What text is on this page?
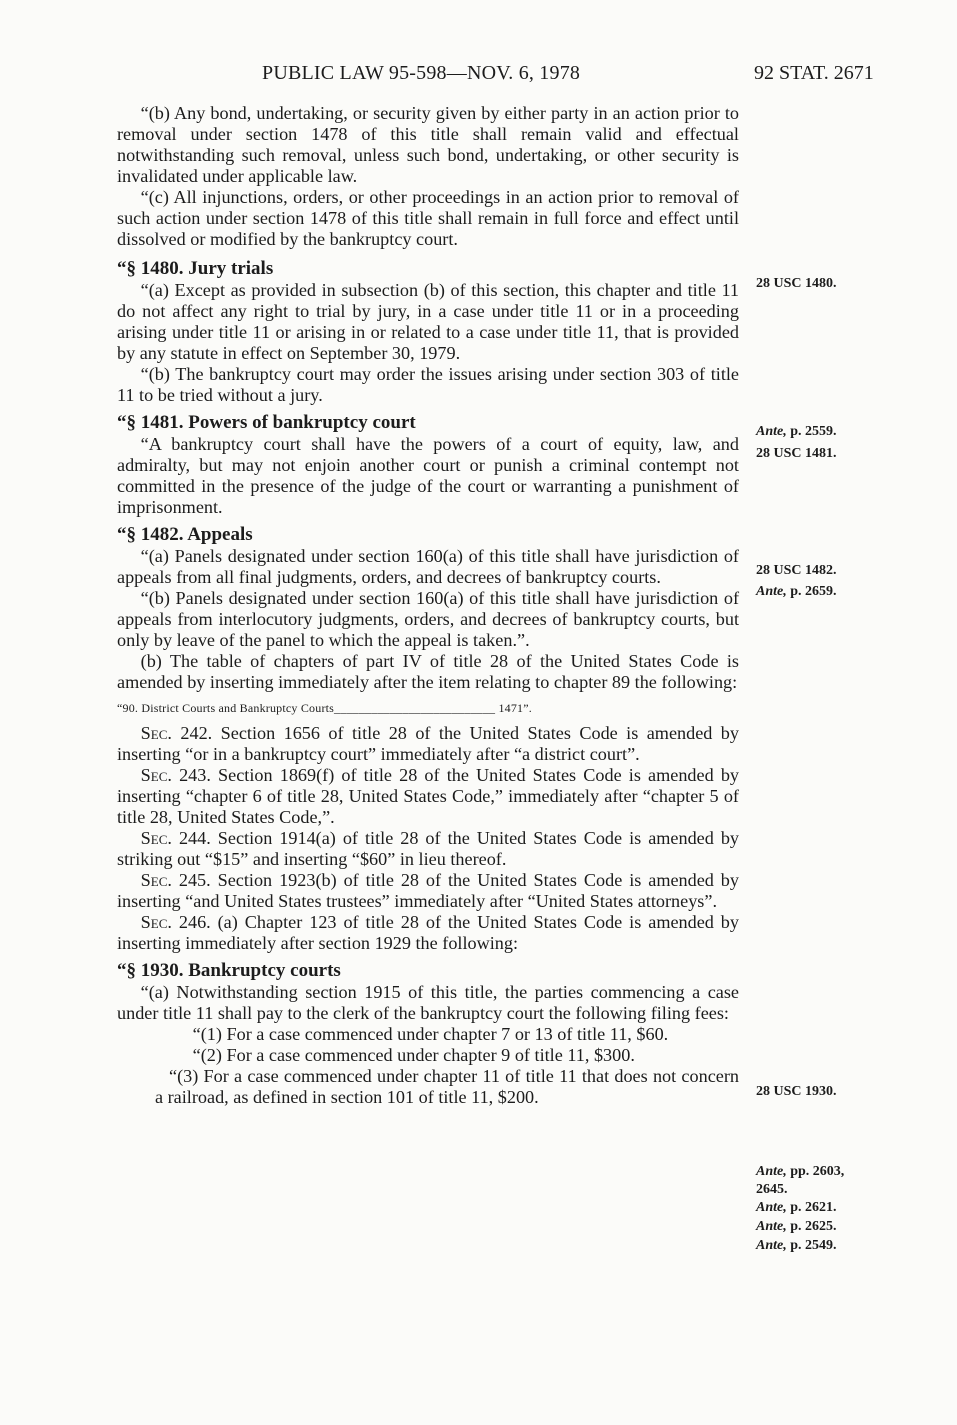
PUBLIC LAW 95-598—NOV. 6, 1978	92 STAT. 2671

“(b) Any bond, undertaking, or security given by either party in an action prior to removal under section 1478 of this title shall remain valid and effectual notwithstanding such removal, unless such bond, undertaking, or other security is invalidated under applicable law.

“(c) All injunctions, orders, or other proceedings in an action prior to removal of such action under section 1478 of this title shall remain in full force and effect until dissolved or modified by the bankruptcy court.

“§ 1480. Jury trials

“(a) Except as provided in subsection (b) of this section, this chapter and title 11 do not affect any right to trial by jury, in a case under title 11 or in a proceeding arising under title 11 or arising in or related to a case under title 11, that is provided by any statute in effect on September 30, 1979.

“(b) The bankruptcy court may order the issues arising under section 303 of title 11 to be tried without a jury.

“§ 1481. Powers of bankruptcy court

“A bankruptcy court shall have the powers of a court of equity, law, and admiralty, but may not enjoin another court or punish a criminal contempt not committed in the presence of the judge of the court or warranting a punishment of imprisonment.

“§ 1482. Appeals

“(a) Panels designated under section 160(a) of this title shall have jurisdiction of appeals from all final judgments, orders, and decrees of bankruptcy courts.

“(b) Panels designated under section 160(a) of this title shall have jurisdiction of appeals from interlocutory judgments, orders, and decrees of bankruptcy courts, but only by leave of the panel to which the appeal is taken.”.

(b) The table of chapters of part IV of title 28 of the United States Code is amended by inserting immediately after the item relating to chapter 89 the following:

“90. District Courts and Bankruptcy Courts__________________________ 1471”.

Sec. 242. Section 1656 of title 28 of the United States Code is amended by inserting “or in a bankruptcy court” immediately after “a district court”.

Sec. 243. Section 1869(f) of title 28 of the United States Code is amended by inserting “chapter 6 of title 28, United States Code,” immediately after “chapter 5 of title 28, United States Code,”.

Sec. 244. Section 1914(a) of title 28 of the United States Code is amended by striking out “$15” and inserting “$60” in lieu thereof.

Sec. 245. Section 1923(b) of title 28 of the United States Code is amended by inserting “and United States trustees” immediately after “United States attorneys”.

Sec. 246. (a) Chapter 123 of title 28 of the United States Code is amended by inserting immediately after section 1929 the following:

“§ 1930. Bankruptcy courts

“(a) Notwithstanding section 1915 of this title, the parties commencing a case under title 11 shall pay to the clerk of the bankruptcy court the following filing fees:

“(1) For a case commenced under chapter 7 or 13 of title 11, $60.

“(2) For a case commenced under chapter 9 of title 11, $300.

“(3) For a case commenced under chapter 11 of title 11 that does not concern a railroad, as defined in section 101 of title 11, $200.

28 USC 1480.
Ante, p. 2559.
28 USC 1481.
28 USC 1482.
Ante, p. 2659.
28 USC 1930.
Ante, pp. 2603,
2645.
Ante, p. 2621.
Ante, p. 2625.
Ante, p. 2549.
